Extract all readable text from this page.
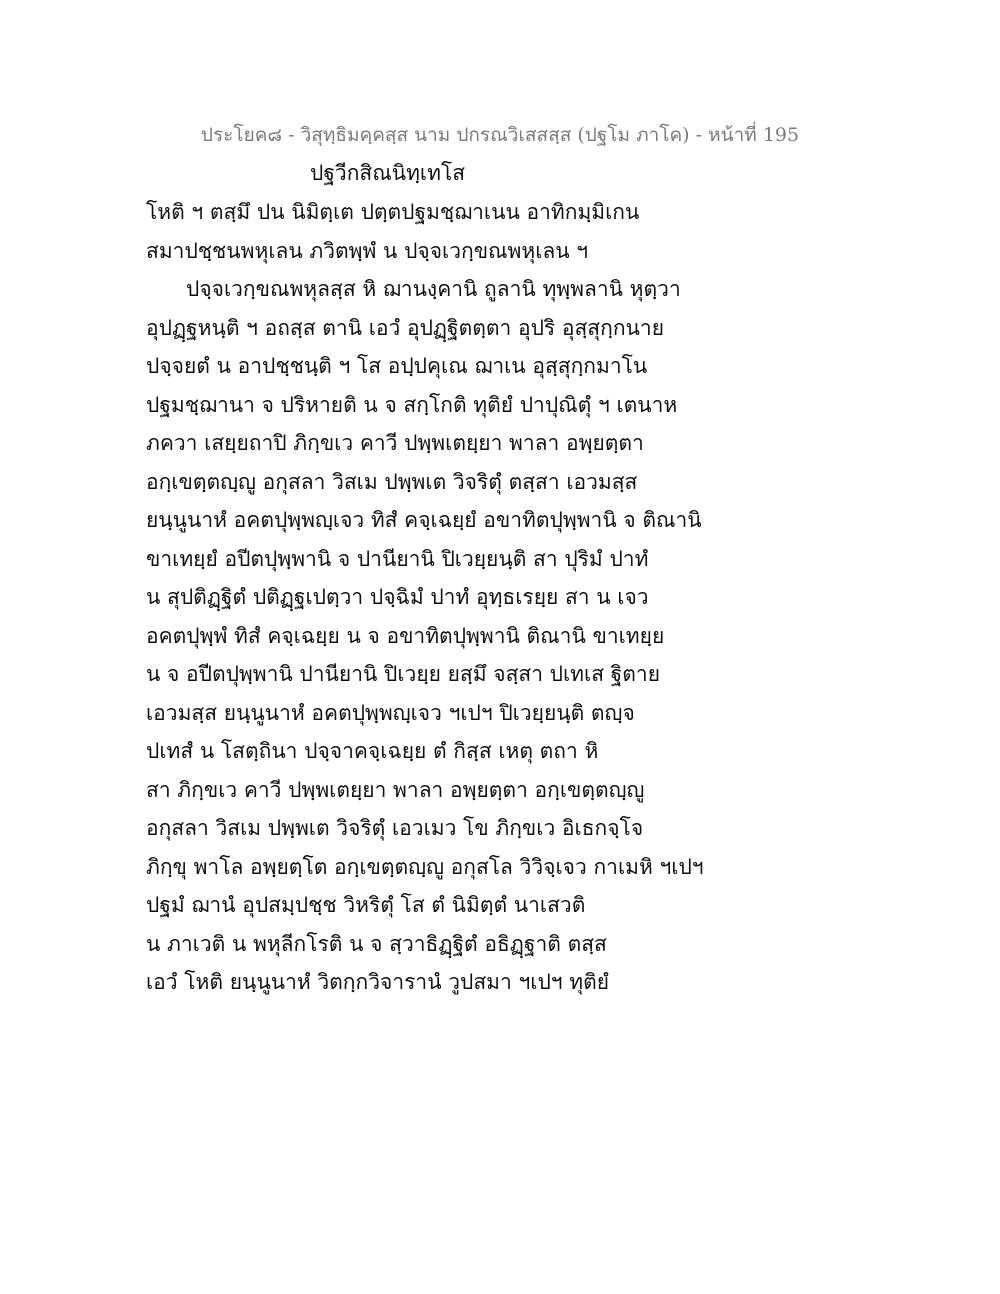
ประโยค๘ - วิสุทฺธิมคฺคสฺส นาม ปกรณวิเสสสฺส (ปฐโม ภาโค) - หน้าที่ 195
ปฐวีกสิณนิทฺเทโส
โหติ ฯ ตสฺมึ ปน นิมิตฺเต ปตฺตปฐมชฺฌาเนน อาทิกมฺมิเกน
สมาปชฺชนพหุเลน ภวิตพฺพํ น ปจฺจเวกฺขณพหุเลน ฯ
ปจฺจเวกฺขณพหุลสฺส หิ ฌานงฺคานิ ถูลานิ ทุพฺพลานิ หุตฺวา
อุปฏฺฐหนฺติ ฯ อถสฺส ตานิ เอวํ อุปฏฺฐิตตฺตา อุปริ อุสฺสุกฺกนาย
ปจฺจยตํ น อาปชฺชนฺติ ฯ โส อปฺปคุเณ ฌาเน อุสฺสุกฺกมาโน
ปฐมชฺฌานา จ ปริหายติ น จ สกฺโกติ ทุติยํ ปาปุณิตุํ ฯ เตนาห
ภควา เสยฺยถาปิ ภิกฺขเว คาวี ปพฺพเตยฺยา พาลา อพฺยตฺตา
อกฺเขตฺตญฺญู อกุสลา วิสเม ปพฺพเต วิจริตุํ ตสฺสา เอวมสฺส
ยนฺนูนาหํ อคตปุพฺพญฺเจว ทิสํ คจฺเฉยฺยํ อขาทิตปุพฺพานิ จ ติณานิ
ขาเทยฺยํ อปีตปุพฺพานิ จ ปานียานิ ปิเวยฺยนฺติ สา ปุริมํ ปาทํ
น สุปติฏฺฐิตํ ปติฏฺฐเปตฺวา ปจฺฉิมํ ปาทํ อุทฺธเรยฺย สา น เจว
อคตปุพฺพํ ทิสํ คจฺเฉยฺย น จ อขาทิตปุพฺพานิ ติณานิ ขาเทยฺย
น จ อปีตปุพฺพานิ ปานียานิ ปิเวยฺย ยสฺมึ จสฺสา ปเทเส ฐิตาย
เอวมสฺส ยนฺนูนาหํ อคตปุพฺพญฺเจว ฯเปฯ ปิเวยฺยนฺติ ตญฺจ
ปเทสํ น โสตฺถินา ปจฺจาคจฺเฉยฺย ตํ กิสฺส เหตุ ตถา หิ
สา ภิกฺขเว คาวี ปพฺพเตยฺยา พาลา อพฺยตฺตา อกฺเขตฺตญฺญู
อกุสลา วิสเม ปพฺพเต วิจริตุํ เอวเมว โข ภิกฺขเว อิเธกจฺโจ
ภิกฺขุ พาโล อพฺยตฺโต อกฺเขตฺตญฺญู อกุสโล วิวิจฺเจว กาเมหิ ฯเปฯ
ปฐมํ ฌานํ อุปสมฺปชฺช วิหริตุํ โส ตํ นิมิตฺตํ นาเสวติ
น ภาเวติ น พหุลีกโรติ น จ สฺวาธิฏฺฐิตํ อธิฏฺฐาติ ตสฺส
เอวํ โหติ ยนฺนูนาหํ วิตกฺกวิจารานํ วูปสมา ฯเปฯ ทุติยํ
